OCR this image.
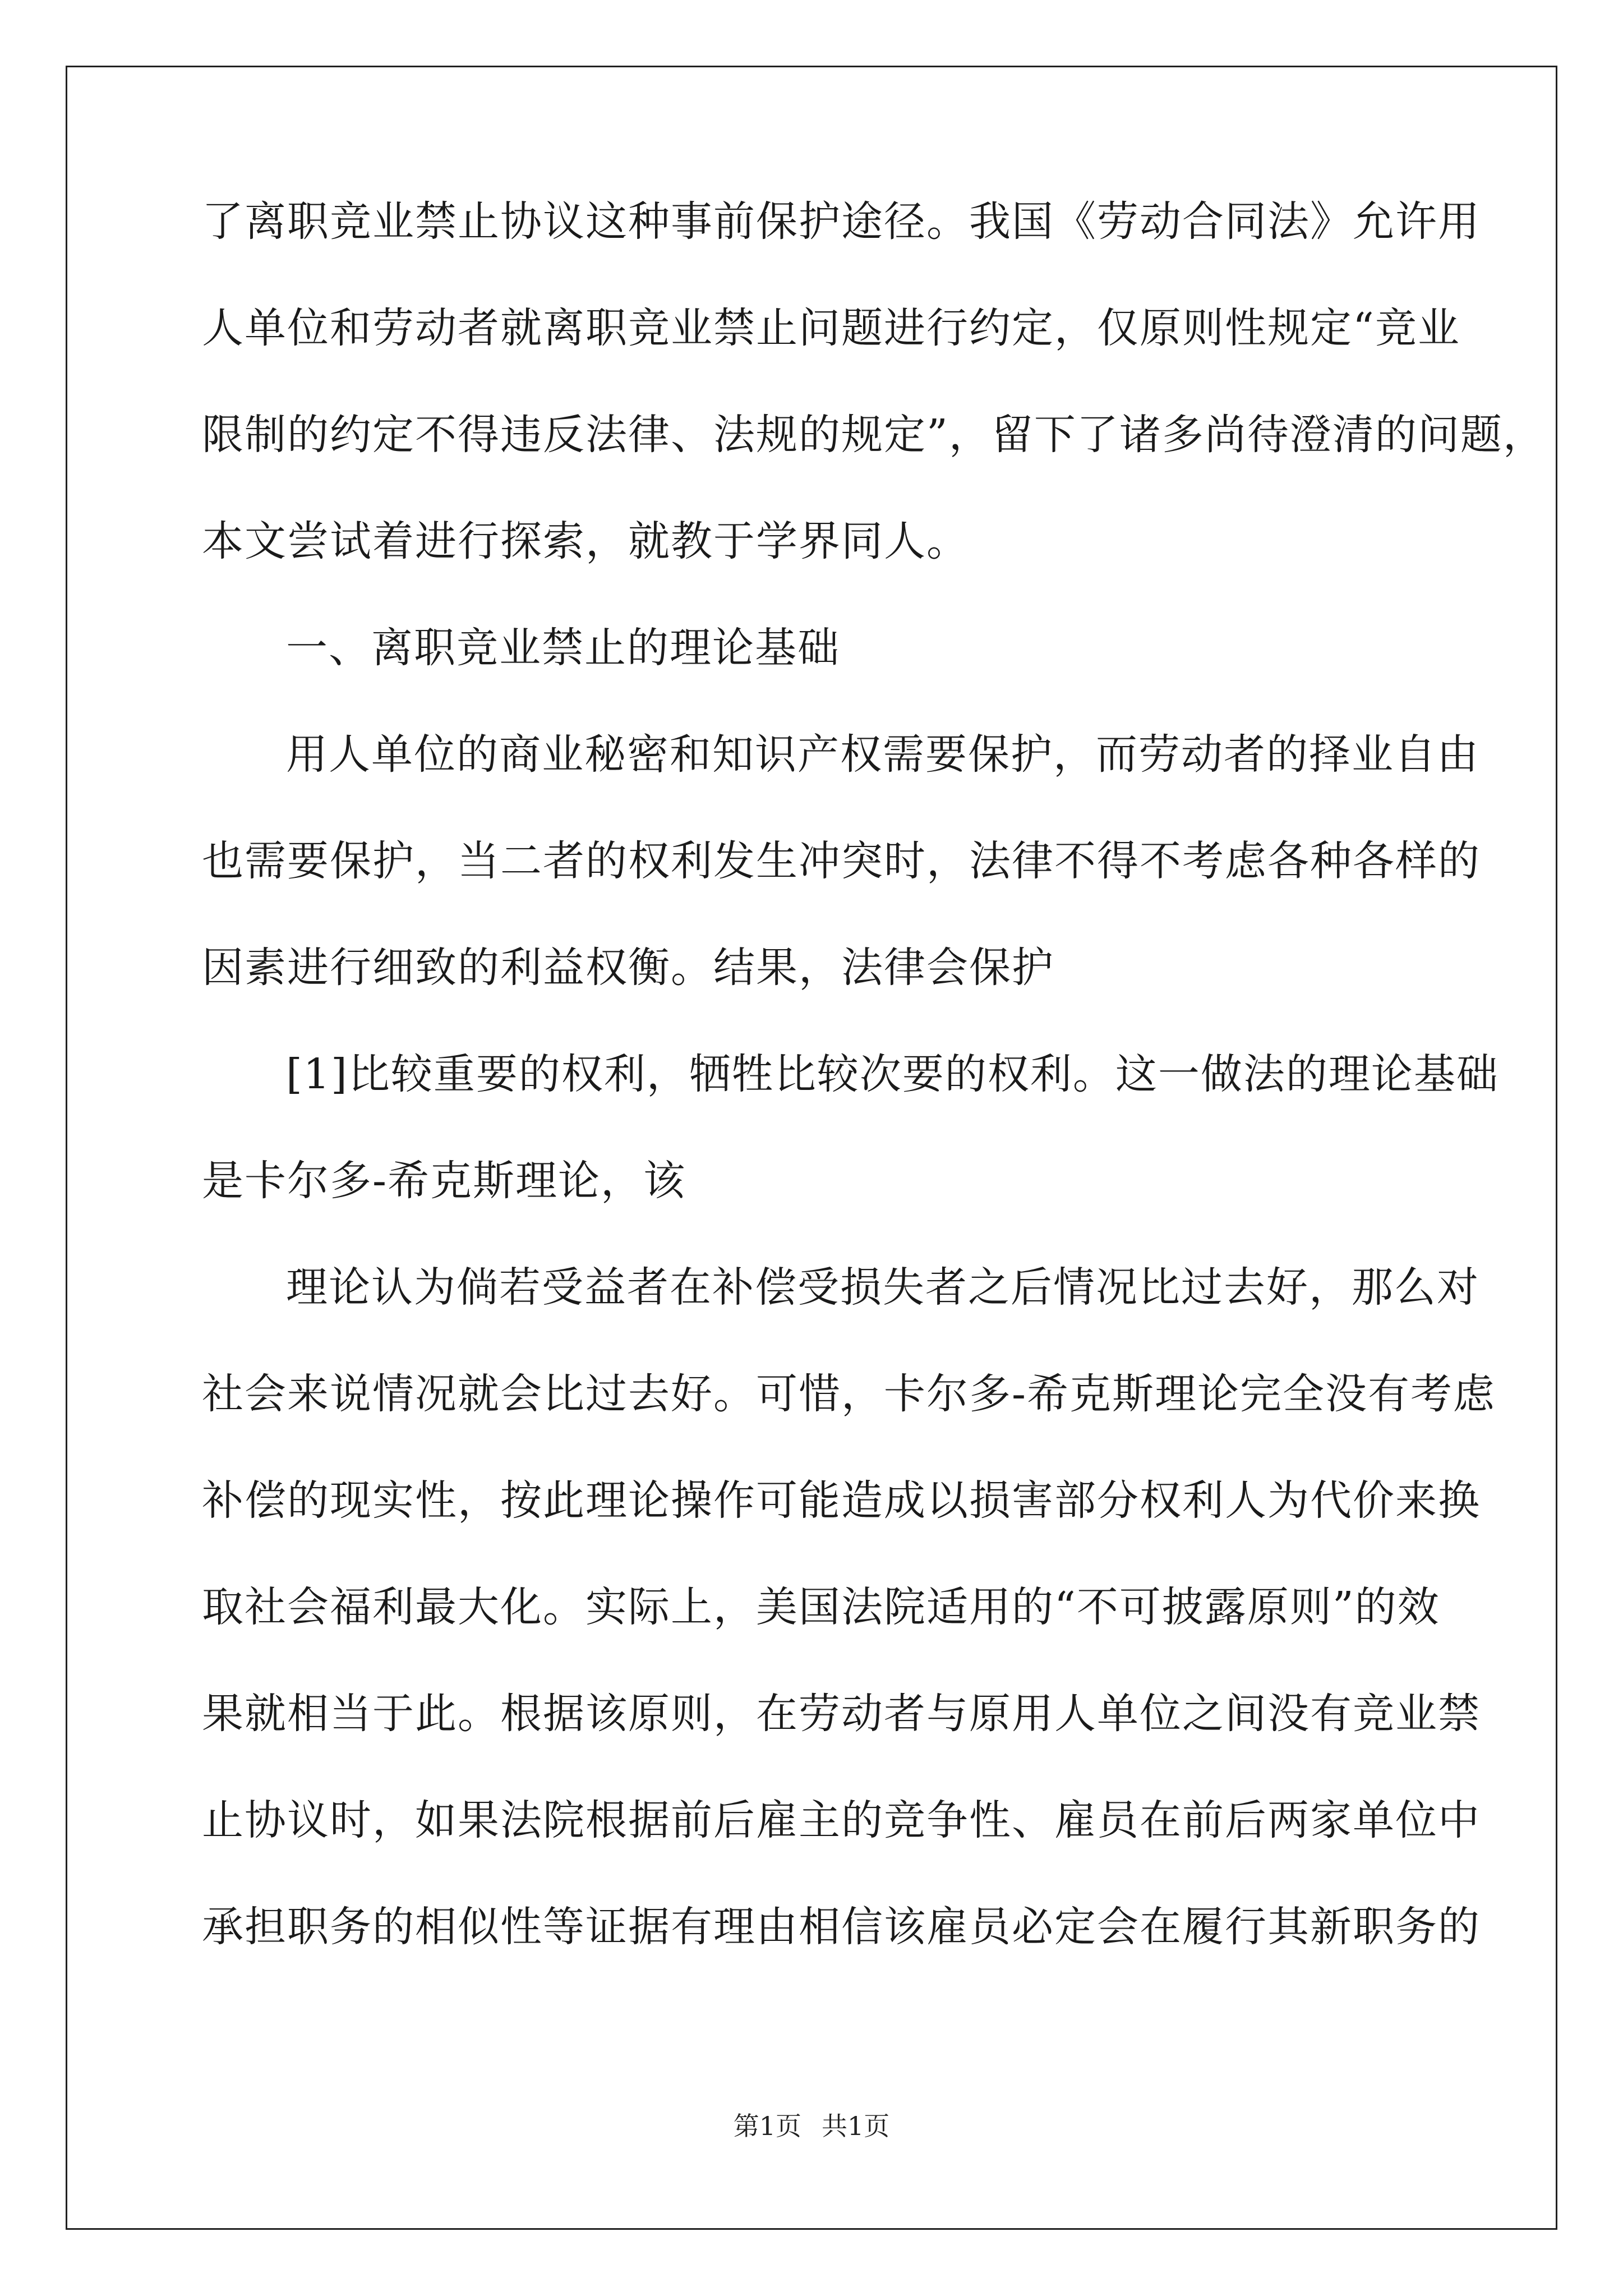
了离职竞业禁止协议这种事前保护途径。我国《劳动合同法》允许用
人单位和劳动者就离职竞业禁止问题进行约定，仅原则性规定“竞业
限制的约定不得违反法律、法规的规定”，留下了诸多尚待澄清的问题，
本文尝试着进行探索，就教于学界同人。
一、离职竞业禁止的理论基础
用人单位的商业秘密和知识产权需要保护，而劳动者的择业自由
也需要保护，当二者的权利发生冲突时，法律不得不考虑各种各样的
因素进行细致的利益权衡。结果，法律会保护
[1]比较重要的权利，牺牲比较次要的权利。这一做法的理论基础
是卡尔多-希克斯理论，该
理论认为倘若受益者在补偿受损失者之后情况比过去好，那么对
社会来说情况就会比过去好。可惜，卡尔多-希克斯理论完全没有考虑
补偿的现实性，按此理论操作可能造成以损害部分权利人为代价来换
取社会福利最大化。实际上，美国法院适用的“不可披露原则”的效
果就相当于此。根据该原则，在劳动者与原用人单位之间没有竞业禁
止协议时，如果法院根据前后雇主的竞争性、雇员在前后两家单位中
承担职务的相似性等证据有理由相信该雇员必定会在履行其新职务的
第1页 共1页
